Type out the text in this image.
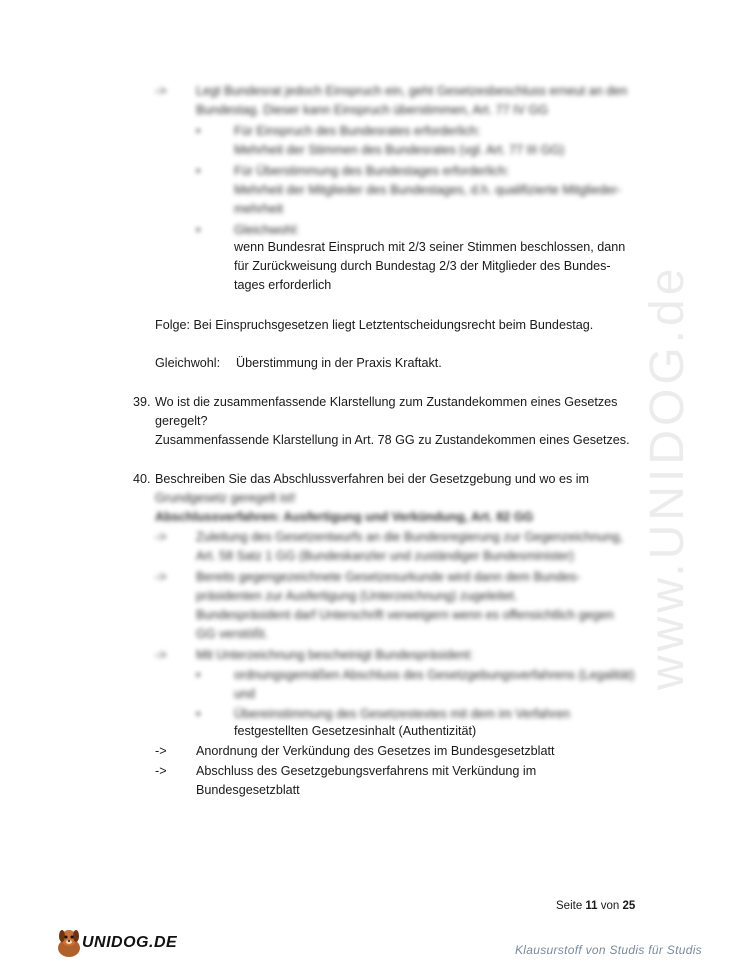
www.UNIDOG.de
-> Legt Bundesrat jedoch Einspruch ein, geht Gesetzesbeschluss erneut an den
Bundestag. Dieser kann Einspruch überstimmen, Art. 77 IV GG
•	Für Einspruch des Bundesrates erforderlich:
Mehrheit der Stimmen des Bundesrates (vgl. Art. 77 III GG)
•	Für Überstimmung des Bundestages erforderlich:
Mehrheit der Mitglieder des Bundestages, d.h. qualifizierte Mitglieder-
mehrheit
•	Gleichwohl:
wenn Bundesrat Einspruch mit 2/3 seiner Stimmen beschlossen, dann
für Zurückweisung durch Bundestag 2/3 der Mitglieder des Bundes-
tages erforderlich
Folge: Bei Einspruchsgesetzen liegt Letztentscheidungsrecht beim Bundestag.
Gleichwohl: Überstimmung in der Praxis Kraftakt.
39. Wo ist die zusammenfassende Klarstellung zum Zustandekommen eines Gesetzes
geregelt?
Zusammenfassende Klarstellung in Art. 78 GG zu Zustandekommen eines Gesetzes.
40. Beschreiben Sie das Abschlussverfahren bei der Gesetzgebung und wo es im
Grundgesetz geregelt ist!
Abschlussverfahren: Ausfertigung und Verkündung, Art. 82 GG
-> Zuleitung des Gesetzentwurfs an die Bundesregierung zur Gegenzeichnung,
Art. 58 Satz 1 GG (Bundeskanzler und zuständiger Bundesminister)
-> Bereits gegengezeichnete Gesetzesurkunde wird dann dem Bundes-
präsidenten zur Ausfertigung (Unterzeichnung) zugeleitet.
Bundespräsident darf Unterschrift verweigern wenn es offensichtlich gegen
GG verstößt.
-> Mit Unterzeichnung bescheinigt Bundespräsident:
•	ordnungsgemäßen Abschluss des Gesetzgebungsverfahrens (Legalität)
und
•	Übereinstimmung des Gesetzestextes mit dem im Verfahren
festgestellten Gesetzesinhalt (Authentizität)
-> Anordnung der Verkündung des Gesetzes im Bundesgesetzblatt
-> Abschluss des Gesetzgebungsverfahrens mit Verkündung im
Bundesgesetzblatt
Seite 11 von 25
UNIDOG.DE	Klausurstoff von Studis für Studis
